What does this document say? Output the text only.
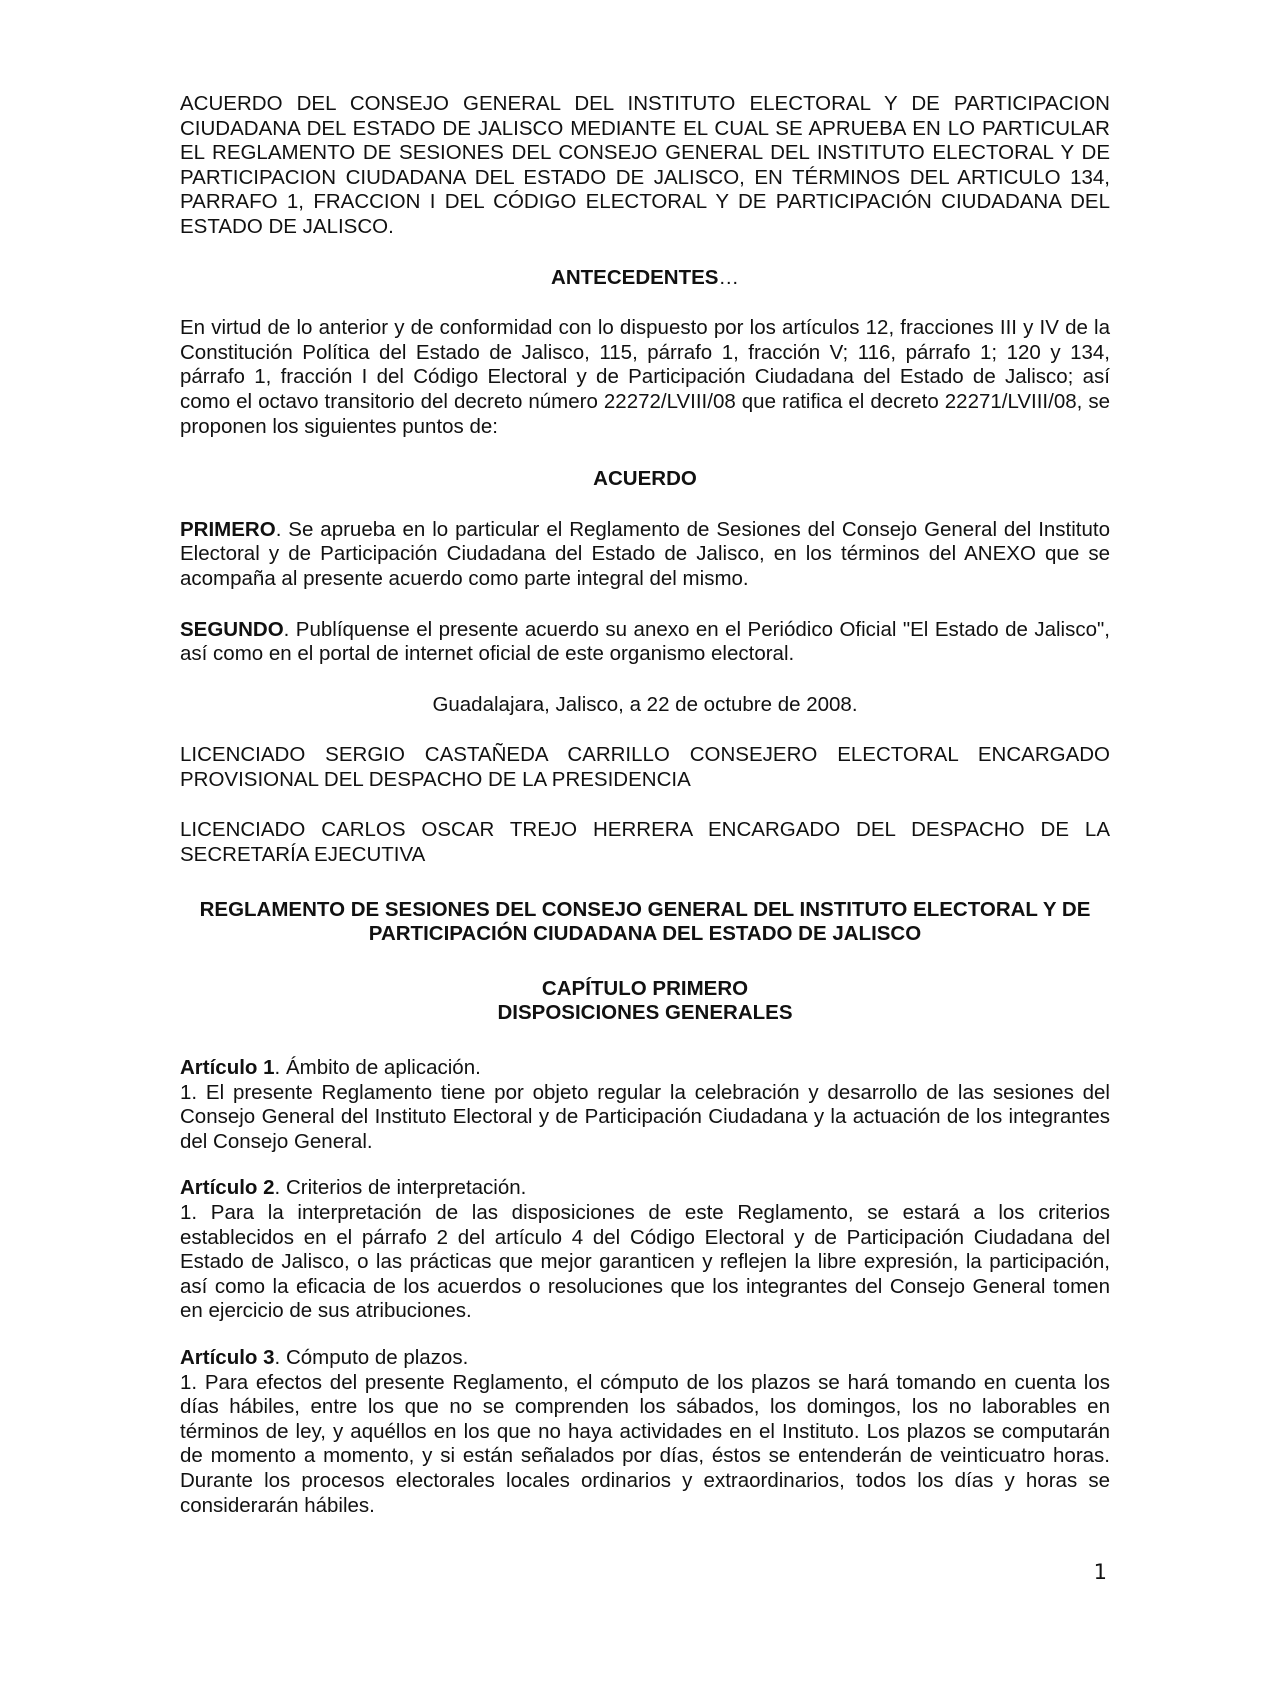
ACUERDO DEL CONSEJO GENERAL DEL INSTITUTO ELECTORAL Y DE PARTICIPACION CIUDADANA DEL ESTADO DE JALISCO MEDIANTE EL CUAL SE APRUEBA EN LO PARTICULAR EL REGLAMENTO DE SESIONES DEL CONSEJO GENERAL DEL INSTITUTO ELECTORAL Y DE PARTICIPACION CIUDADANA DEL ESTADO DE JALISCO, EN TÉRMINOS DEL ARTICULO 134, PARRAFO 1, FRACCION I DEL CÓDIGO ELECTORAL Y DE PARTICIPACIÓN CIUDADANA DEL ESTADO DE JALISCO.

ANTECEDENTES…

En virtud de lo anterior y de conformidad con lo dispuesto por los artículos 12, fracciones III y IV de la Constitución Política del Estado de Jalisco, 115, párrafo 1, fracción V; 116, párrafo 1; 120 y 134, párrafo 1, fracción I del Código Electoral y de Participación Ciudadana del Estado de Jalisco; así como el octavo transitorio del decreto número 22272/LVIII/08 que ratifica el decreto 22271/LVIII/08, se proponen los siguientes puntos de:

ACUERDO

PRIMERO. Se aprueba en lo particular el Reglamento de Sesiones del Consejo General del Instituto Electoral y de Participación Ciudadana del Estado de Jalisco, en los términos del ANEXO que se acompaña al presente acuerdo como parte integral del mismo.

SEGUNDO. Publíquense el presente acuerdo su anexo en el Periódico Oficial "El Estado de Jalisco", así como en el portal de internet oficial de este organismo electoral.

Guadalajara, Jalisco, a 22 de octubre de 2008.

LICENCIADO SERGIO CASTAÑEDA CARRILLO CONSEJERO ELECTORAL ENCARGADO PROVISIONAL DEL DESPACHO DE LA PRESIDENCIA

LICENCIADO CARLOS OSCAR TREJO HERRERA ENCARGADO DEL DESPACHO DE LA SECRETARÍA EJECUTIVA

REGLAMENTO DE SESIONES DEL CONSEJO GENERAL DEL INSTITUTO ELECTORAL Y DE PARTICIPACIÓN CIUDADANA DEL ESTADO DE JALISCO

CAPÍTULO PRIMERO

DISPOSICIONES GENERALES

Artículo 1. Ámbito de aplicación.

1. El presente Reglamento tiene por objeto regular la celebración y desarrollo de las sesiones del Consejo General del Instituto Electoral y de Participación Ciudadana y la actuación de los integrantes del Consejo General.

Artículo 2. Criterios de interpretación.

1. Para la interpretación de las disposiciones de este Reglamento, se estará a los criterios establecidos en el párrafo 2 del artículo 4 del Código Electoral y de Participación Ciudadana del Estado de Jalisco, o las prácticas que mejor garanticen y reflejen la libre expresión, la participación, así como la eficacia de los acuerdos o resoluciones que los integrantes del Consejo General tomen en ejercicio de sus atribuciones.

Artículo 3. Cómputo de plazos.

1. Para efectos del presente Reglamento, el cómputo de los plazos se hará tomando en cuenta los días hábiles, entre los que no se comprenden los sábados, los domingos, los no laborables en términos de ley, y aquéllos en los que no haya actividades en el Instituto. Los plazos se computarán de momento a momento, y si están señalados por días, éstos se entenderán de veinticuatro horas. Durante los procesos electorales locales ordinarios y extraordinarios, todos los días y horas se considerarán hábiles.

1
